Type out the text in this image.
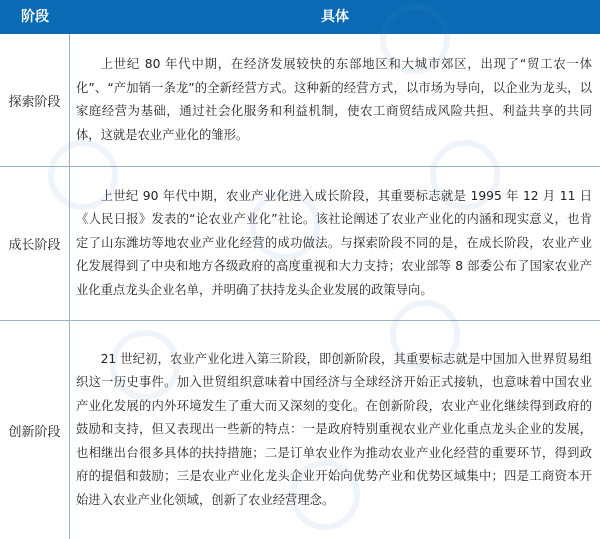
阶段	具体
探索阶段
上世纪 80 年代中期，在经济发展较快的东部地区和大城市郊区，出现了“贸工农一体化”、“产加销一条龙”的全新经营方式。这种新的经营方式，以市场为导向，以企业为龙头，以家庭经营为基础，通过社会化服务和利益机制，使农工商贸结成风险共担、利益共享的共同体，这就是农业产业化的雏形。
成长阶段
上世纪 90 年代中期，农业产业化进入成长阶段，其重要标志就是 1995 年 12 月 11 日《人民日报》发表的“论农业产业化”社论。该社论阐述了农业产业化的内涵和现实意义，也肯定了山东潍坊等地农业产业化经营的成功做法。与探索阶段不同的是，在成长阶段，农业产业化发展得到了中央和地方各级政府的高度重视和大力支持；农业部等 8 部委公布了国家农业产业化重点龙头企业名单，并明确了扶持龙头企业发展的政策导向。
创新阶段
21 世纪初，农业产业化进入第三阶段，即创新阶段，其重要标志就是中国加入世界贸易组织这一历史事件。加入世贸组织意味着中国经济与全球经济开始正式接轨，也意味着中国农业产业化发展的内外环境发生了重大而又深刻的变化。在创新阶段，农业产业化继续得到政府的鼓励和支持，但又表现出一些新的特点：一是政府特别重视农业产业化重点龙头企业的发展，也相继出台很多具体的扶持措施；二是订单农业作为推动农业产业化经营的重要环节，得到政府的提倡和鼓励；三是农业产业化龙头企业开始向优势产业和优势区域集中；四是工商资本开始进入农业产业化领域，创新了农业经营理念。
